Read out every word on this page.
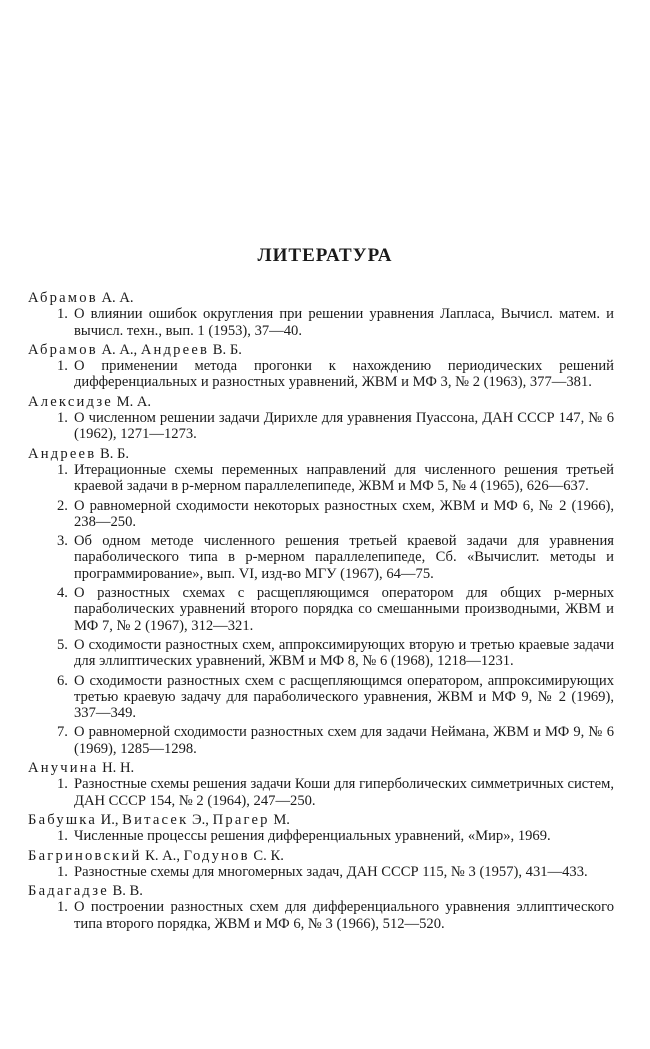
ЛИТЕРАТУРА
Абрамов А. А.
1. О влиянии ошибок округления при решении уравнения Лапласа, Вычисл. матем. и вычисл. техн., вып. 1 (1953), 37—40.
Абрамов А. А., Андреев В. Б.
1. О применении метода прогонки к нахождению периодических решений дифференциальных и разностных уравнений, ЖВМ и МФ 3, № 2 (1963), 377—381.
Алексидзе М. А.
1. О численном решении задачи Дирихле для уравнения Пуассона, ДАН СССР 147, № 6 (1962), 1271—1273.
Андреев В. Б.
1. Итерационные схемы переменных направлений для численного решения третьей краевой задачи в p-мерном параллелепипеде, ЖВМ и МФ 5, № 4 (1965), 626—637.
2. О равномерной сходимости некоторых разностных схем, ЖВМ и МФ 6, № 2 (1966), 238—250.
3. Об одном методе численного решения третьей краевой задачи для уравнения параболического типа в p-мерном параллелепипеде, Сб. «Вычислит. методы и программирование», вып. VI, изд-во МГУ (1967), 64—75.
4. О разностных схемах с расщепляющимся оператором для общих p-мерных параболических уравнений второго порядка со смешанными производными, ЖВМ и МФ 7, № 2 (1967), 312—321.
5. О сходимости разностных схем, аппроксимирующих вторую и третью краевые задачи для эллиптических уравнений, ЖВМ и МФ 8, № 6 (1968), 1218—1231.
6. О сходимости разностных схем с расщепляющимся оператором, аппроксимирующих третью краевую задачу для параболического уравнения, ЖВМ и МФ 9, № 2 (1969), 337—349.
7. О равномерной сходимости разностных схем для задачи Неймана, ЖВМ и МФ 9, № 6 (1969), 1285—1298.
Анучина Н. Н.
1. Разностные схемы решения задачи Коши для гиперболических симметричных систем, ДАН СССР 154, № 2 (1964), 247—250.
Бабушка И., Витасек Э., Прагер М.
1. Численные процессы решения дифференциальных уравнений, «Мир», 1969.
Багриновский К. А., Годунов С. К.
1. Разностные схемы для многомерных задач, ДАН СССР 115, № 3 (1957), 431—433.
Бадагадзе В. В.
1. О построении разностных схем для дифференциального уравнения эллиптического типа второго порядка, ЖВМ и МФ 6, № 3 (1966), 512—520.
